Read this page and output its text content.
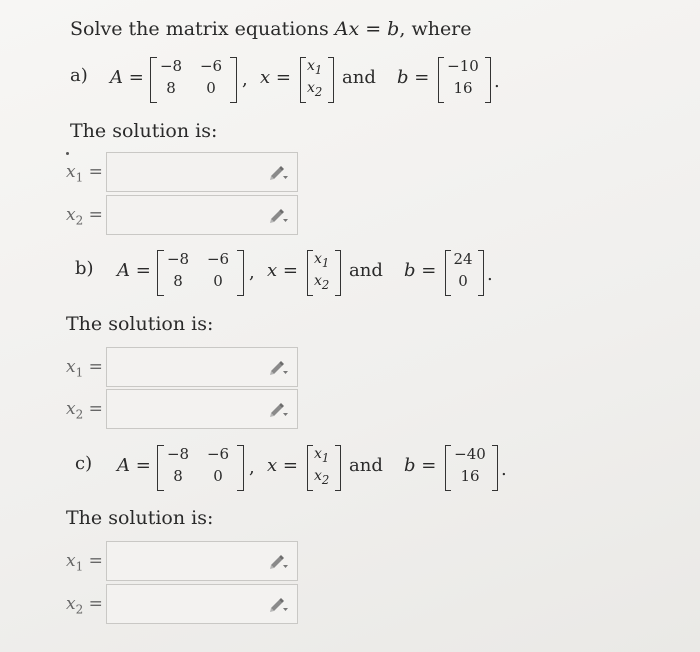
Solve the matrix equations Ax = b, where
a) A =
−8 −6
8	0	, x =
$x_1$
$x_2$
and b =
−10
16	.
The solution is:
$x_1$ =
$x_2$ =
b) A =
−8 −6
8	0	, x =
$x_1$
$x_2$
and b =
24
0	.
The solution is:
$x_1$ =
$x_2$ =
c) A =
−8 −6
8	0	, x =
$x_1$
$x_2$
and b =
−40
16	.
The solution is:
$x_1$ =
$x_2$ =
